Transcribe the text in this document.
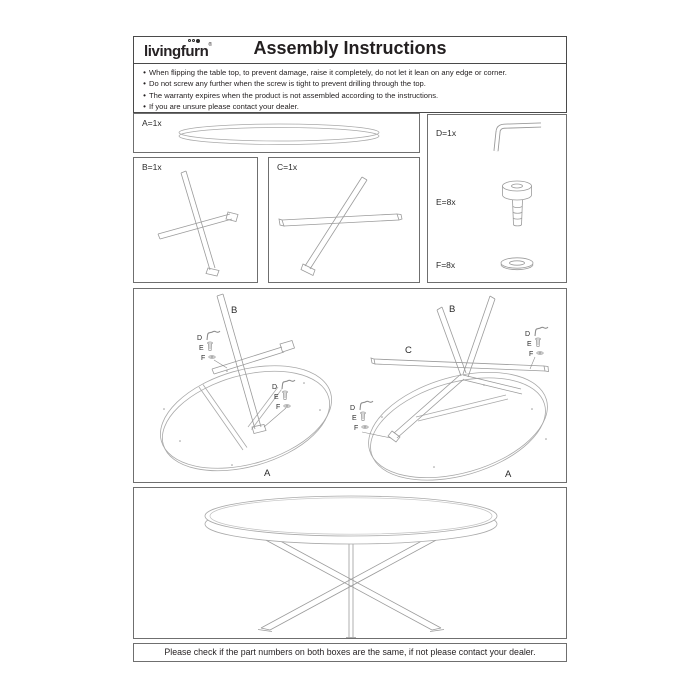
livingfurn®	Assembly Instructions
• When flipping the table top, to prevent damage, raise it completely, do not let it lean on any edge or corner.
• Do not screw any further when the screw is tight to prevent drilling through the top.
• The warranty expires when the product is not assembled according to the instructions.
• If you are unsure please contact your dealer.
A=1x
B=1x	C=1x
D=1x
E=8x
F=8x
B
A
D
E
F
D
E
F
B
C
A
D
E
F
D
E
F
Please check if the part numbers on both boxes are the same, if not please contact your dealer.
